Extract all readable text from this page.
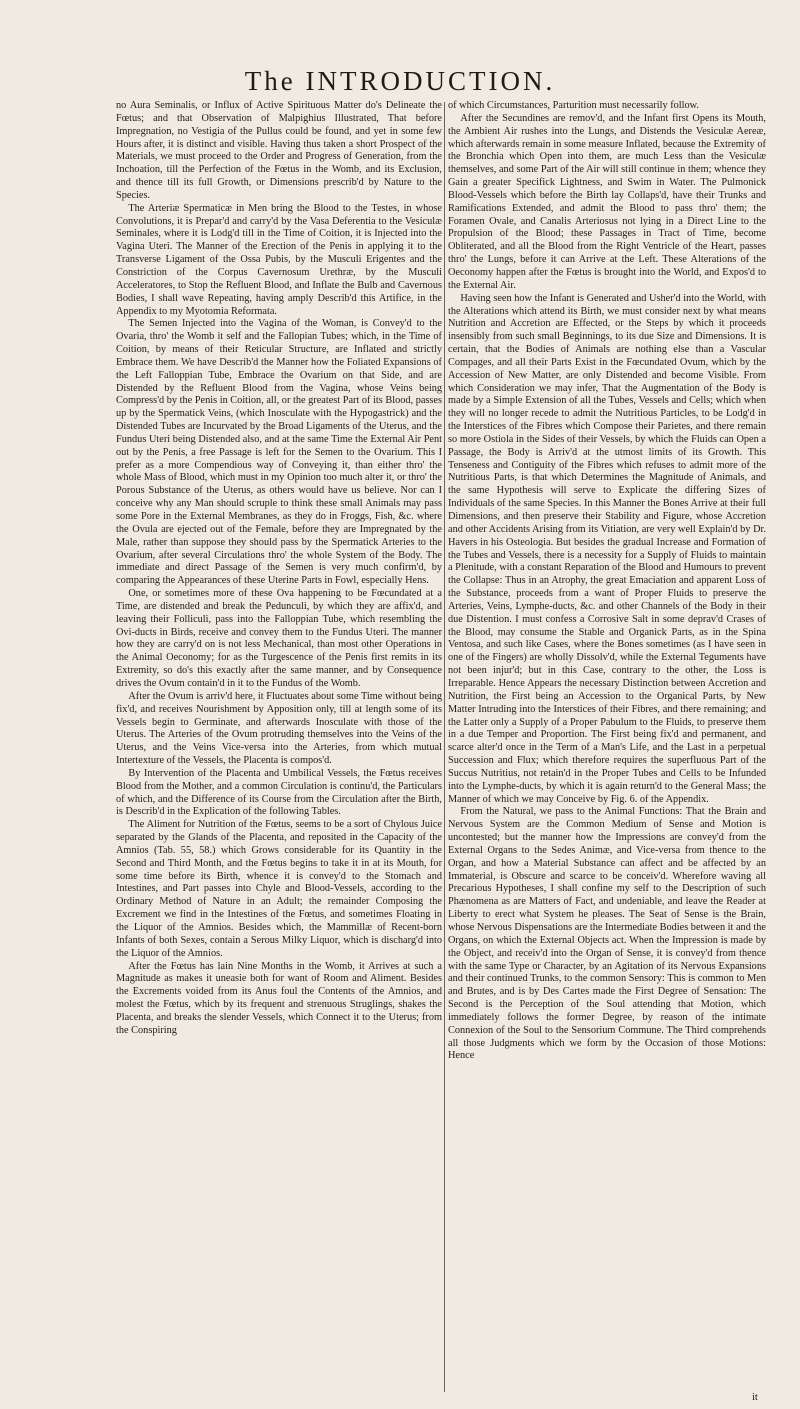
The INTRODUCTION.

no Aura Seminalis, or Influx of Active Spirituous Matter do's Delineate the Fœtus; and that Observation of Malpighius Illustrated, That before Impregnation, no Vestigia of the Pullus could be found, and yet in some few Hours after, it is distinct and visible. Having thus taken a short Prospect of the Materials, we must proceed to the Order and Progress of Generation, from the Inchoation, till the Perfection of the Fœtus in the Womb, and its Exclusion, and thence till its full Growth, or Dimensions prescrib'd by Nature to the Species.

The Arteriæ Spermaticæ in Men bring the Blood to the Testes, in whose Convolutions, it is Prepar'd and carry'd by the Vasa Deferentia to the Vesiculæ Seminales, where it is Lodg'd till in the Time of Coition, it is Injected into the Vagina Uteri. The Manner of the Erection of the Penis in applying it to the Transverse Ligament of the Ossa Pubis, by the Musculi Erigentes and the Constriction of the Corpus Cavernosum Urethræ, by the Musculi Acceleratores, to Stop the Refluent Blood, and Inflate the Bulb and Cavernous Bodies, I shall wave Repeating, having amply Describ'd this Artifice, in the Appendix to my Myotomia Reformata.

The Semen Injected into the Vagina of the Woman, is Convey'd to the Ovaria, thro' the Womb it self and the Fallopian Tubes; which, in the Time of Coition, by means of their Reticular Structure, are Inflated and strictly Embrace them. We have Describ'd the Manner how the Foliated Expansions of the Left Falloppian Tube, Embrace the Ovarium on that Side, and are Distended by the Refluent Blood from the Vagina, whose Veins being Compress'd by the Penis in Coition, all, or the greatest Part of its Blood, passes up by the Spermatick Veins, (which Inosculate with the Hypogastrick) and the Distended Tubes are Incurvated by the Broad Ligaments of the Uterus, and the Fundus Uteri being Distended also, and at the same Time the External Air Pent out by the Penis, a free Passage is left for the Semen to the Ovarium. This I prefer as a more Compendious way of Conveying it, than either thro' the whole Mass of Blood, which must in my Opinion too much alter it, or thro' the Porous Substance of the Uterus, as others would have us believe. Nor can I conceive why any Man should scruple to think these small Animals may pass some Pore in the External Membranes, as they do in Froggs, Fish, &c. where the Ovula are ejected out of the Female, before they are Impregnated by the Male, rather than suppose they should pass by the Spermatick Arteries to the Ovarium, after several Circulations thro' the whole System of the Body. The immediate and direct Passage of the Semen is very much confirm'd, by comparing the Appearances of these Uterine Parts in Fowl, especially Hens.

One, or sometimes more of these Ova happening to be Fœcundated at a Time, are distended and break the Pedunculi, by which they are affix'd, and leaving their Folliculi, pass into the Falloppian Tube, which resembling the Ovi-ducts in Birds, receive and convey them to the Fundus Uteri. The manner how they are carry'd on is not less Mechanical, than most other Operations in the Animal Oeconomy; for as the Turgescence of the Penis first remits in its Extremity, so do's this exactly after the same manner, and by Consequence drives the Ovum contain'd in it to the Fundus of the Womb.

After the Ovum is arriv'd here, it Fluctuates about some Time without being fix'd, and receives Nourishment by Apposition only, till at length some of its Vessels begin to Germinate, and afterwards Inosculate with those of the Uterus. The Arteries of the Ovum protruding themselves into the Veins of the Uterus, and the Veins Vice-versa into the Arteries, from which mutual Intertexture of the Vessels, the Placenta is compos'd.

By Intervention of the Placenta and Umbilical Vessels, the Fœtus receives Blood from the Mother, and a common Circulation is continu'd, the Particulars of which, and the Difference of its Course from the Circulation after the Birth, is Describ'd in the Explication of the following Tables.

The Aliment for Nutrition of the Fœtus, seems to be a sort of Chylous Juice separated by the Glands of the Placenta, and reposited in the Capacity of the Amnios (Tab. 55, 58.) which Grows considerable for its Quantity in the Second and Third Month, and the Fœtus begins to take it in at its Mouth, for some time before its Birth, whence it is convey'd to the Stomach and Intestines, and Part passes into Chyle and Blood-Vessels, according to the Ordinary Method of Nature in an Adult; the remainder Composing the Excrement we find in the Intestines of the Fœtus, and sometimes Floating in the Liquor of the Amnios. Besides which, the Mammillæ of Recent-born Infants of both Sexes, contain a Serous Milky Liquor, which is discharg'd into the Liquor of the Amnios.

After the Fœtus has lain Nine Months in the Womb, it Arrives at such a Magnitude as makes it uneasie both for want of Room and Aliment. Besides the Excrements voided from its Anus foul the Contents of the Amnios, and molest the Fœtus, which by its frequent and strenuous Struglings, shakes the Placenta, and breaks the slender Vessels, which Connect it to the Uterus; from the Conspiring

of which Circumstances, Parturition must necessarily follow.

After the Secundines are remov'd, and the Infant first Opens its Mouth, the Ambient Air rushes into the Lungs, and Distends the Vesiculæ Aereæ, which afterwards remain in some measure Inflated, because the Extremity of the Bronchia which Open into them, are much Less than the Vesiculæ themselves, and some Part of the Air will still continue in them; whence they Gain a greater Specifick Lightness, and Swim in Water. The Pulmonick Blood-Vessels which before the Birth lay Collaps'd, have their Trunks and Ramifications Extended, and admit the Blood to pass thro' them; the Foramen Ovale, and Canalis Arteriosus not lying in a Direct Line to the Propulsion of the Blood; these Passages in Tract of Time, become Obliterated, and all the Blood from the Right Ventricle of the Heart, passes thro' the Lungs, before it can Arrive at the Left. These Alterations of the Oeconomy happen after the Fœtus is brought into the World, and Expos'd to the External Air.

Having seen how the Infant is Generated and Usher'd into the World, with the Alterations which attend its Birth, we must consider next by what means Nutrition and Accretion are Effected, or the Steps by which it proceeds insensibly from such small Beginnings, to its due Size and Dimensions. It is certain, that the Bodies of Animals are nothing else than a Vascular Compages, and all their Parts Exist in the Fœcundated Ovum, which by the Accession of New Matter, are only Distended and become Visible. From which Consideration we may infer, That the Augmentation of the Body is made by a Simple Extension of all the Tubes, Vessels and Cells; which when they will no longer recede to admit the Nutritious Particles, to be Lodg'd in the Interstices of the Fibres which Compose their Parietes, and there remain so more Ostiola in the Sides of their Vessels, by which the Fluids can Open a Passage, the Body is Arriv'd at the utmost limits of its Growth. This Tenseness and Contiguity of the Fibres which refuses to admit more of the Nutritious Parts, is that which Determines the Magnitude of Animals, and the same Hypothesis will serve to Explicate the differing Sizes of Individuals of the same Species. In this Manner the Bones Arrive at their full Dimensions, and then preserve their Stability and Figure, whose Accretion and other Accidents Arising from its Vitiation, are very well Explain'd by Dr. Havers in his Osteologia. But besides the gradual Increase and Formation of the Tubes and Vessels, there is a necessity for a Supply of Fluids to maintain a Plenitude, with a constant Reparation of the Blood and Humours to prevent the Collapse: Thus in an Atrophy, the great Emaciation and apparent Loss of the Substance, proceeds from a want of Proper Fluids to preserve the Arteries, Veins, Lymphe-ducts, &c. and other Channels of the Body in their due Distention. I must confess a Corrosive Salt in some deprav'd Crases of the Blood, may consume the Stable and Organick Parts, as in the Spina Ventosa, and such like Cases, where the Bones sometimes (as I have seen in one of the Fingers) are wholly Dissolv'd, while the External Teguments have not been injur'd; but in this Case, contrary to the other, the Loss is Irreparable. Hence Appears the necessary Distinction between Accretion and Nutrition, the First being an Accession to the Organical Parts, by New Matter Intruding into the Interstices of their Fibres, and there remaining; and the Latter only a Supply of a Proper Pabulum to the Fluids, to preserve them in a due Temper and Proportion. The First being fix'd and permanent, and scarce alter'd once in the Term of a Man's Life, and the Last in a perpetual Succession and Flux; which therefore requires the superfluous Part of the Succus Nutritius, not retain'd in the Proper Tubes and Cells to be Infunded into the Lymphe-ducts, by which it is again return'd to the General Mass; the Manner of which we may Conceive by Fig. 6. of the Appendix.

From the Natural, we pass to the Animal Functions: That the Brain and Nervous System are the Common Medium of Sense and Motion is uncontested; but the manner how the Impressions are convey'd from the External Organs to the Sedes Animæ, and Vice-versa from thence to the Organ, and how a Material Substance can affect and be affected by an Immaterial, is Obscure and scarce to be conceiv'd. Wherefore waving all Precarious Hypotheses, I shall confine my self to the Description of such Phænomena as are Matters of Fact, and undeniable, and leave the Reader at Liberty to erect what System he pleases. The Seat of Sense is the Brain, whose Nervous Dispensations are the Intermediate Bodies between it and the Organs, on which the External Objects act. When the Impression is made by the Object, and receiv'd into the Organ of Sense, it is convey'd from thence with the same Type or Character, by an Agitation of its Nervous Expansions and their continued Trunks, to the common Sensory: This is common to Men and Brutes, and is by Des Cartes made the First Degree of Sensation: The Second is the Perception of the Soul attending that Motion, which immediately follows the former Degree, by reason of the intimate Connexion of the Soul to the Sensorium Commune. The Third comprehends all those Judgments which we form by the Occasion of those Motions: Hence

it
